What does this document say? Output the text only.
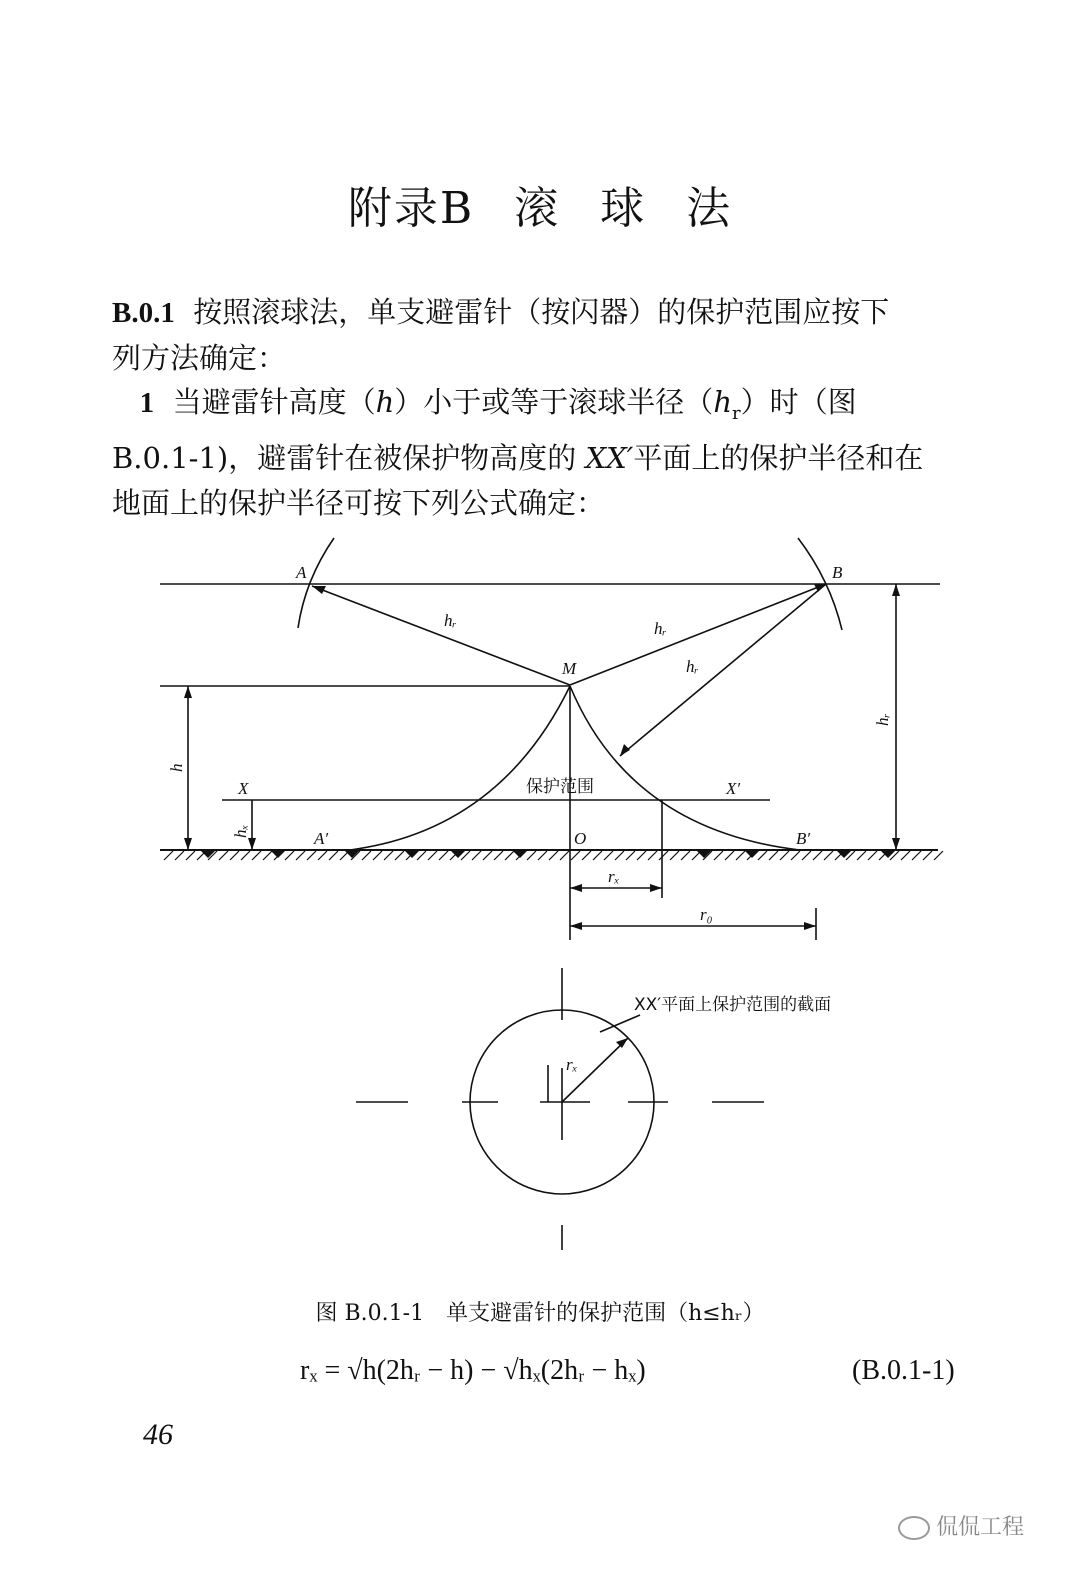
附录B 滚 球 法
B.0.1 按照滚球法，单支避雷针（按闪器）的保护范围应按下
列方法确定：
1 当避雷针高度（h）小于或等于滚球半径$(h_r)$时（图
B.0.1-1)，避雷针在被保护物高度的 XX′平面上的保护半径和在
地面上的保护半径可按下列公式确定：
A	B
M
X	X′
O
A′	B′
hᵣ	hᵣ
hᵣ
h
hₓ
hᵣ
rₓ
r₀
保护范围
rₓ
XX′平面上保护范围的截面
图 B.0.1-1　单支避雷针的保护范围（h≤hᵣ）
rₓ = √h(2hᵣ − h) − √hₓ(2hᵣ − hₓ)	(B.0.1-1)
46
侃侃工程
